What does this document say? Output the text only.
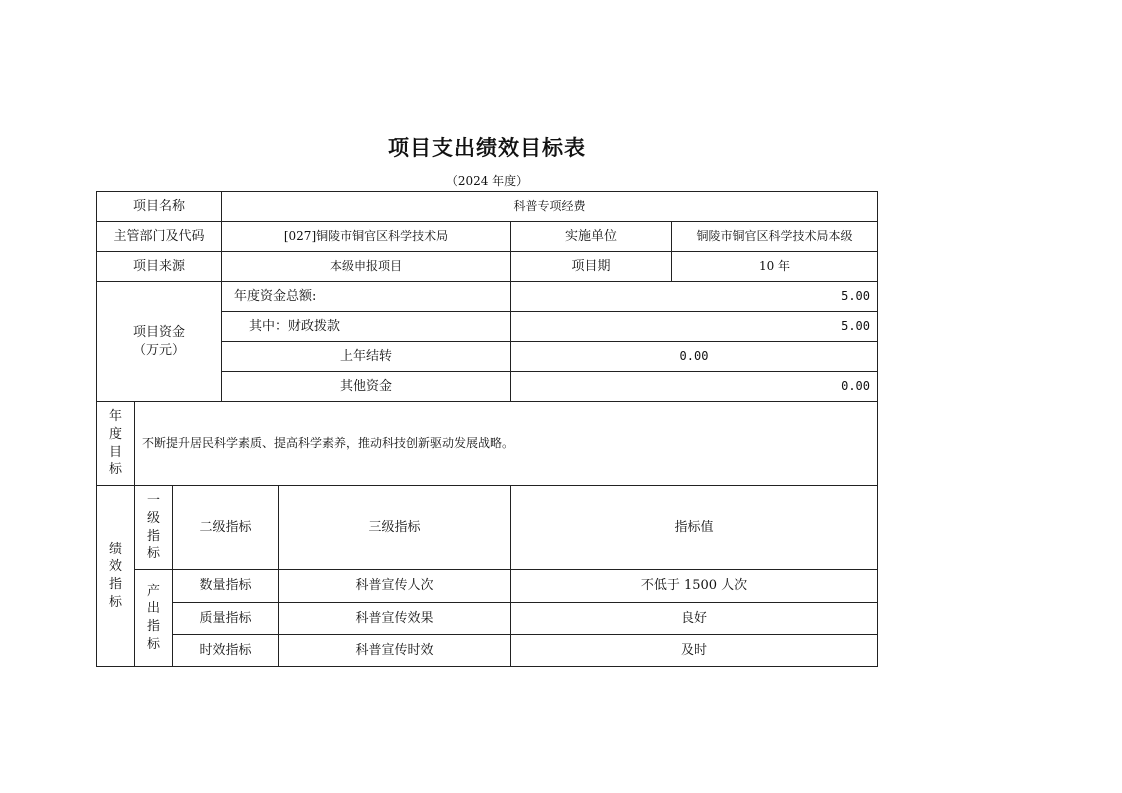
项目支出绩效目标表
（2024 年度）
项目名称	科普专项经费
主管部门及代码	[027]铜陵市铜官区科学技术局	实施单位	铜陵市铜官区科学技术局本级
项目来源	本级申报项目	项目期	10 年
项目资金
（万元）
年度资金总额:	5.00
其中：财政拨款	5.00
上年结转	0.00
其他资金	0.00
年
度
目
标
不断提升居民科学素质、提高科学素养，推动科技创新驱动发展战略。
绩
效
指
标
一
级
指
标
二级指标	三级指标	指标值
产
出
指
标
数量指标	科普宣传人次	不低于 1500 人次
质量指标	科普宣传效果	良好
时效指标	科普宣传时效	及时
